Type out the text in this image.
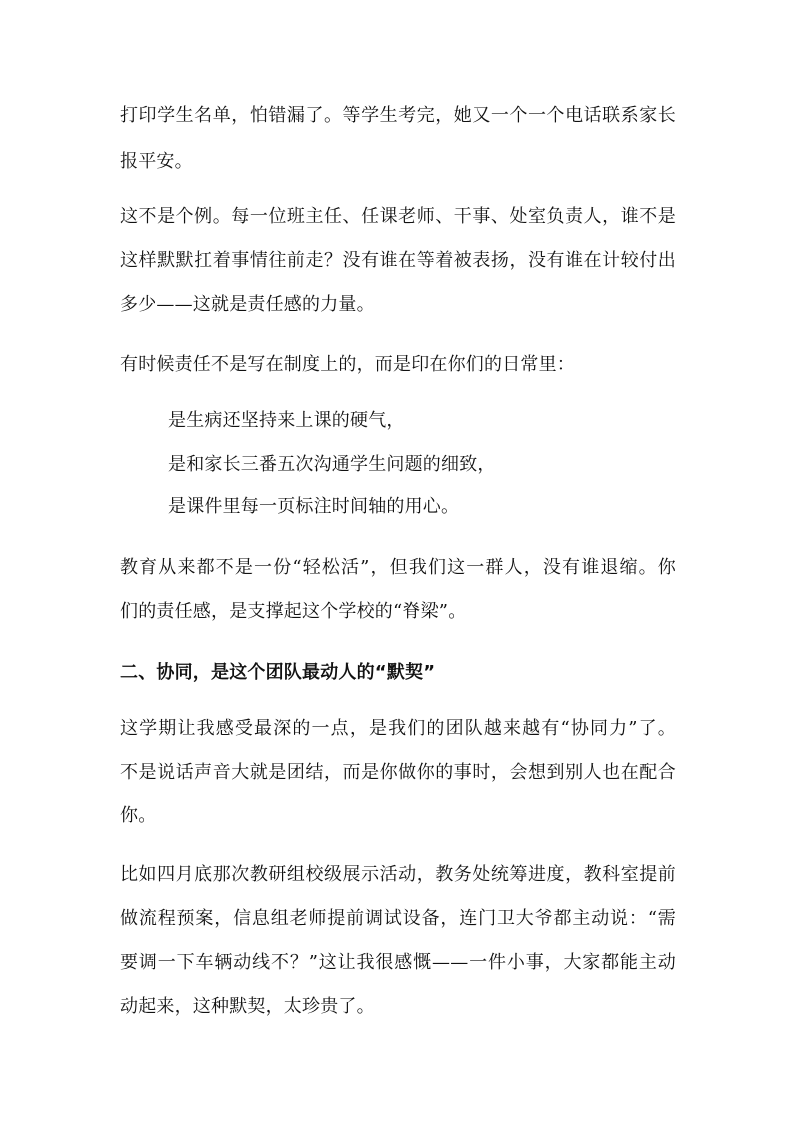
打印学生名单，怕错漏了。等学生考完，她又一个一个电话联系家长
报平安。
这不是个例。每一位班主任、任课老师、干事、处室负责人，谁不是
这样默默扛着事情往前走？没有谁在等着被表扬，没有谁在计较付出
多少——这就是责任感的力量。
有时候责任不是写在制度上的，而是印在你们的日常里：
是生病还坚持来上课的硬气，
是和家长三番五次沟通学生问题的细致，
是课件里每一页标注时间轴的用心。
教育从来都不是一份“轻松活”，但我们这一群人，没有谁退缩。你
们的责任感，是支撑起这个学校的“脊梁”。
二、协同，是这个团队最动人的“默契”
这学期让我感受最深的一点，是我们的团队越来越有“协同力”了。
不是说话声音大就是团结，而是你做你的事时，会想到别人也在配合
你。
比如四月底那次教研组校级展示活动，教务处统筹进度，教科室提前
做流程预案，信息组老师提前调试设备，连门卫大爷都主动说：“需
要调一下车辆动线不？”这让我很感慨——一件小事，大家都能主动
动起来，这种默契，太珍贵了。
